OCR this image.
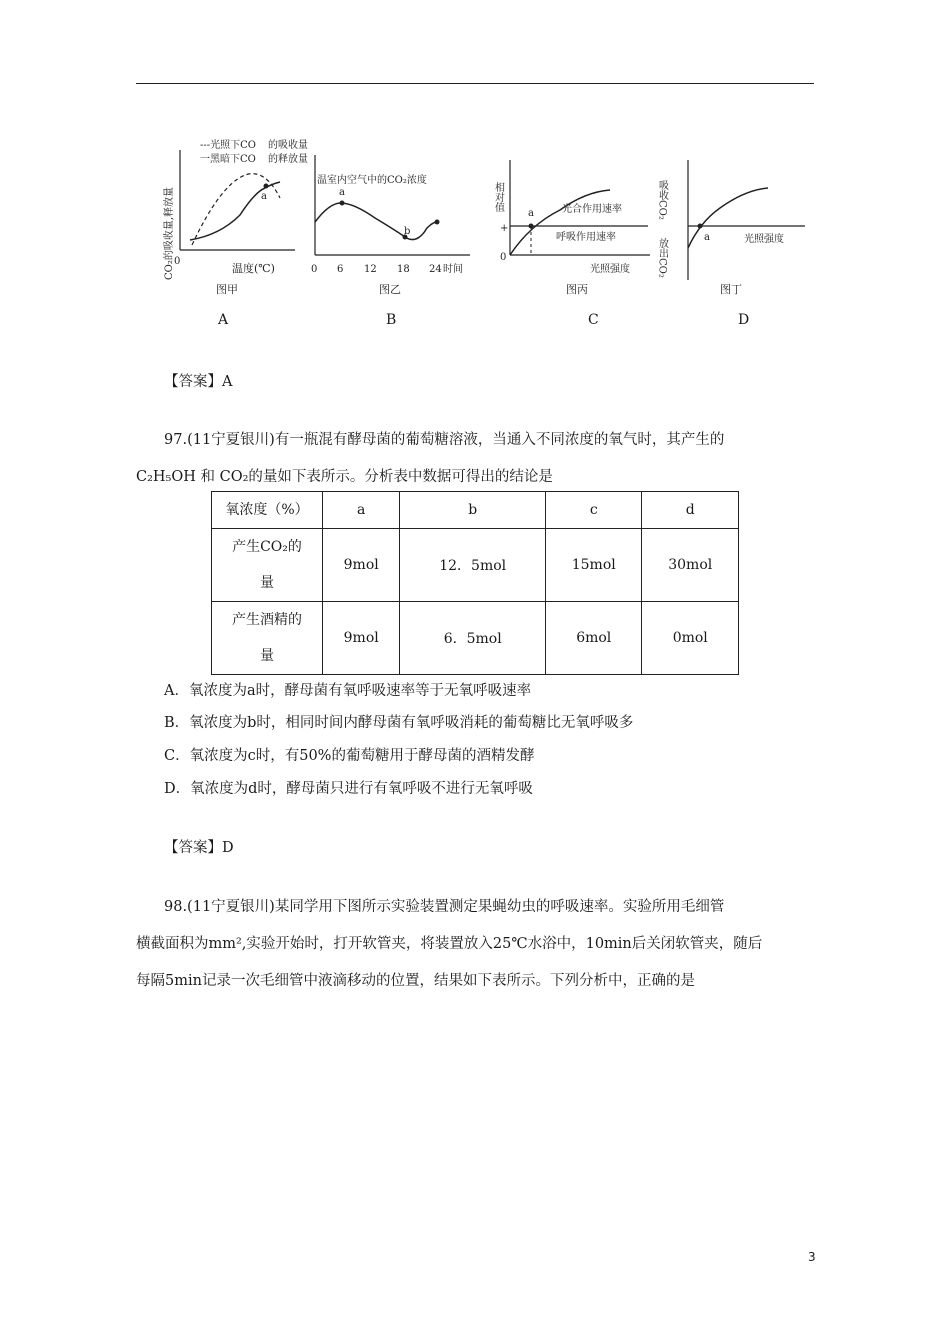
---光照下CO 的吸收量
一黑暗下CO 的释放量
CO₂的吸收量,释放量	a
0
温度(℃)
图甲
温室内空气中的CO₂浓度
a
b
0 6 12 18 24 时间
图乙
相对值
a
+
0
光合作用速率
呼吸作用速率
光照强度
图丙
吸收CO₂
放出CO₂
a	光照强度
图丁
A	B	C	D
【答案】A
97.(11宁夏银川)有一瓶混有酵母菌的葡萄糖溶液，当通入不同浓度的氧气时，其产生的
C₂H₅OH 和 CO₂的量如下表所示。分析表中数据可得出的结论是
氧浓度（%）	a	b	c	d

产生CO₂的
量	9mol	12．5mol	15mol	30mol

产生酒精的
量	9mol	6．5mol	6mol	0mol
A．氧浓度为a时，酵母菌有氧呼吸速率等于无氧呼吸速率
B．氧浓度为b时，相同时间内酵母菌有氧呼吸消耗的葡萄糖比无氧呼吸多
C．氧浓度为c时，有50%的葡萄糖用于酵母菌的酒精发酵
D．氧浓度为d时，酵母菌只进行有氧呼吸不进行无氧呼吸
【答案】D
98.(11宁夏银川)某同学用下图所示实验装置测定果蝇幼虫的呼吸速率。实验所用毛细管
横截面积为mm²,实验开始时，打开软管夹，将装置放入25℃水浴中，10min后关闭软管夹，随后
每隔5min记录一次毛细管中液滴移动的位置，结果如下表所示。下列分析中，正确的是
3
